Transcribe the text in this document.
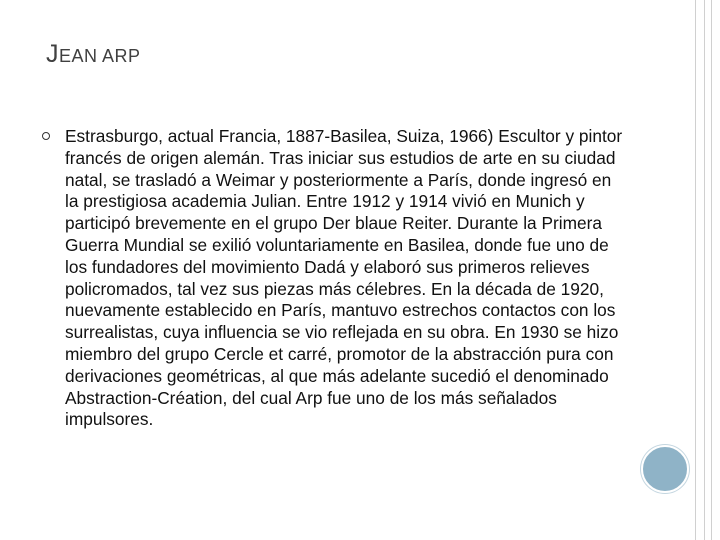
JEAN ARP

Estrasburgo, actual Francia, 1887-Basilea, Suiza, 1966) Escultor y pintor francés de origen alemán. Tras iniciar sus estudios de arte en su ciudad natal, se trasladó a Weimar y posteriormente a París, donde ingresó en la prestigiosa academia Julian. Entre 1912 y 1914 vivió en Munich y participó brevemente en el grupo Der blaue Reiter. Durante la Primera Guerra Mundial se exilió voluntariamente en Basilea, donde fue uno de los fundadores del movimiento Dadá y elaboró sus primeros relieves policromados, tal vez sus piezas más célebres. En la década de 1920, nuevamente establecido en París, mantuvo estrechos contactos con los surrealistas, cuya influencia se vio reflejada en su obra. En 1930 se hizo miembro del grupo Cercle et carré, promotor de la abstracción pura con derivaciones geométricas, al que más adelante sucedió el denominado Abstraction-Création, del cual Arp fue uno de los más señalados impulsores.
